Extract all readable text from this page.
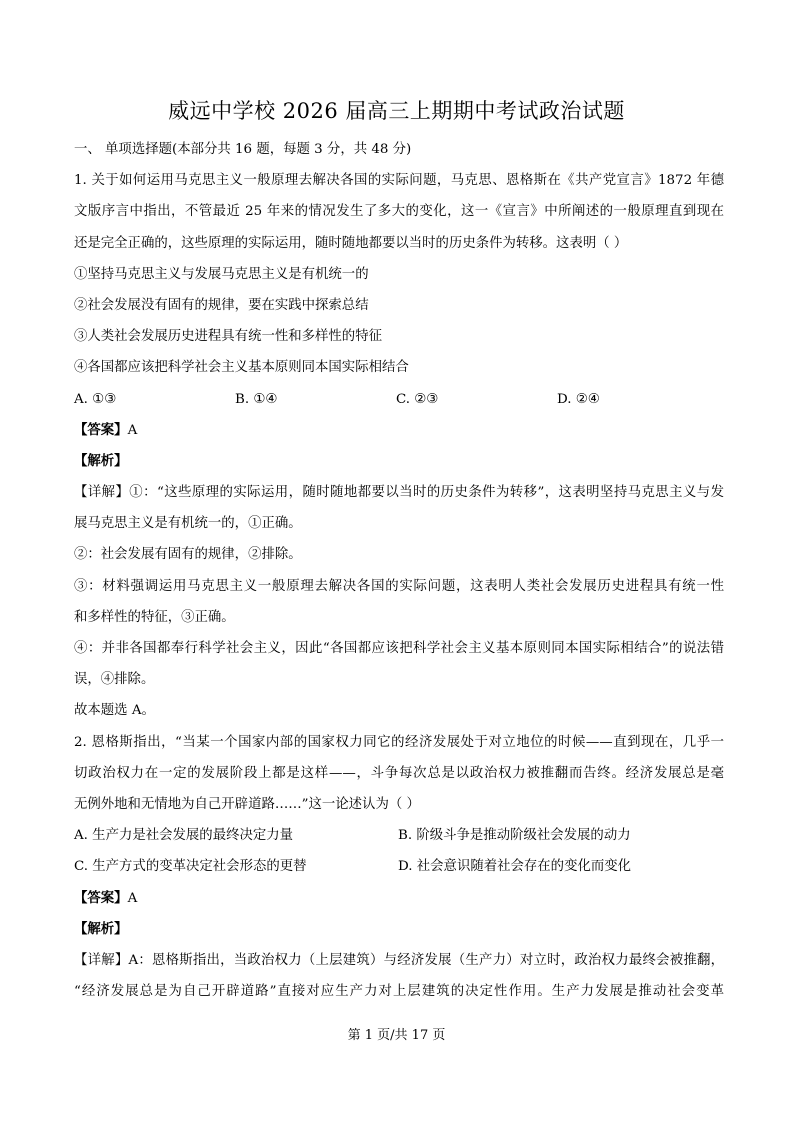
威远中学校 2026 届高三上期期中考试政治试题
一、 单项选择题(本部分共 16 题，每题 3 分，共 48 分)
1. 关于如何运用马克思主义一般原理去解决各国的实际问题，马克思、恩格斯在《共产党宣言》1872 年德
文版序言中指出，不管最近 25 年来的情况发生了多大的变化，这一《宣言》中所阐述的一般原理直到现在
还是完全正确的，这些原理的实际运用，随时随地都要以当时的历史条件为转移。这表明（ ）
①坚持马克思主义与发展马克思主义是有机统一的
②社会发展没有固有的规律，要在实践中探索总结
③人类社会发展历史进程具有统一性和多样性的特征
④各国都应该把科学社会主义基本原则同本国实际相结合
A. ①③	B. ①④	C. ②③	D. ②④
【答案】A
【解析】
【详解】①：“这些原理的实际运用，随时随地都要以当时的历史条件为转移”，这表明坚持马克思主义与发
展马克思主义是有机统一的，①正确。
②：社会发展有固有的规律，②排除。
③：材料强调运用马克思主义一般原理去解决各国的实际问题，这表明人类社会发展历史进程具有统一性
和多样性的特征，③正确。
④：并非各国都奉行科学社会主义，因此“各国都应该把科学社会主义基本原则同本国实际相结合”的说法错
误，④排除。
故本题选 A。
2. 恩格斯指出，“当某一个国家内部的国家权力同它的经济发展处于对立地位的时候——直到现在，几乎一
切政治权力在一定的发展阶段上都是这样——，斗争每次总是以政治权力被推翻而告终。经济发展总是毫
无例外地和无情地为自己开辟道路……”这一论述认为（ ）
A. 生产力是社会发展的最终决定力量	B. 阶级斗争是推动阶级社会发展的动力
C. 生产方式的变革决定社会形态的更替	D. 社会意识随着社会存在的变化而变化
【答案】A
【解析】
【详解】A：恩格斯指出，当政治权力（上层建筑）与经济发展（生产力）对立时，政治权力最终会被推翻，
“经济发展总是为自己开辟道路”直接对应生产力对上层建筑的决定性作用。生产力发展是推动社会变革
第 1 页/共 17 页
